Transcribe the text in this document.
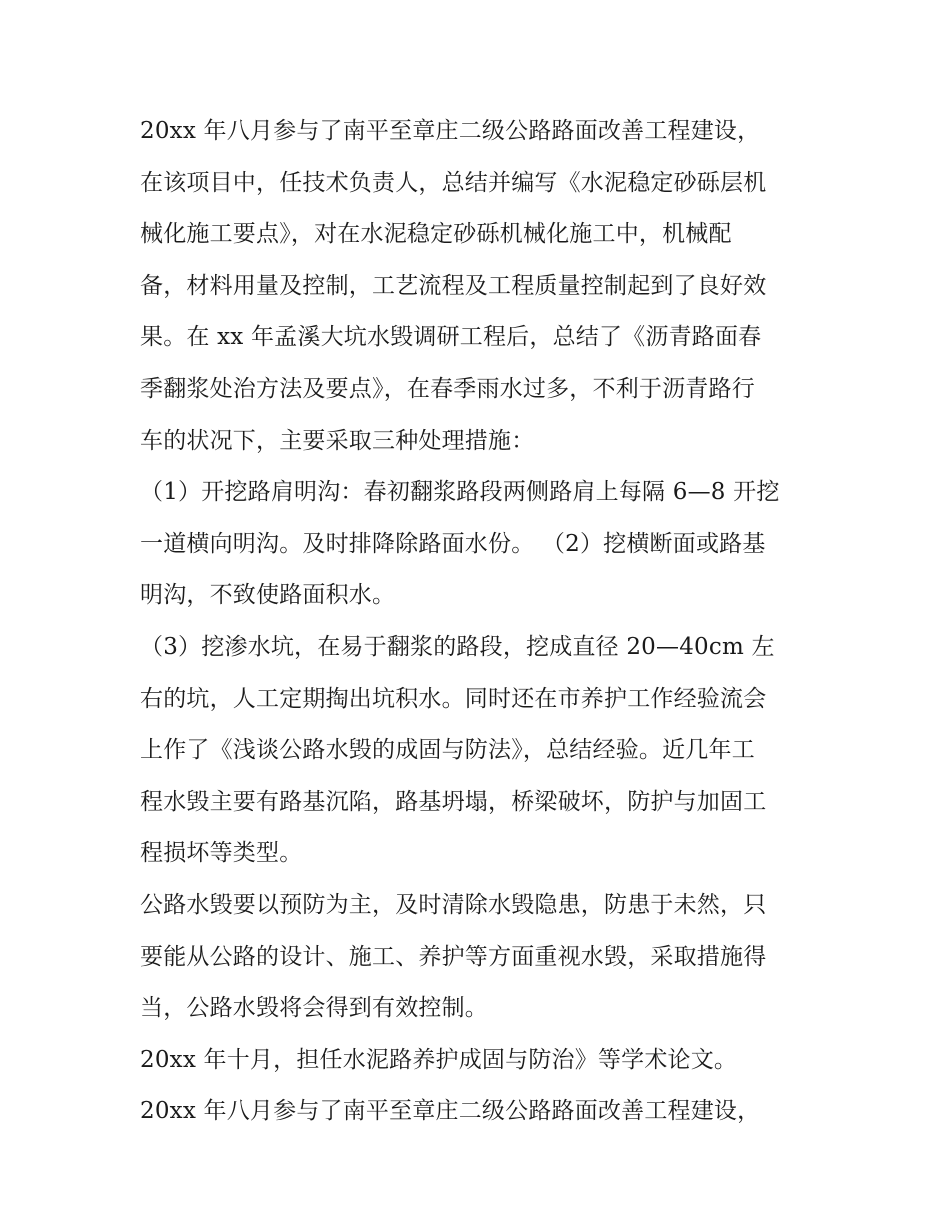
20xx 年八月参与了南平至章庄二级公路路面改善工程建设，
在该项目中，任技术负责人，总结并编写《水泥稳定砂砾层机
械化施工要点》，对在水泥稳定砂砾机械化施工中，机械配
备，材料用量及控制，工艺流程及工程质量控制起到了良好效
果。在 xx 年孟溪大坑水毁调研工程后，总结了《沥青路面春
季翻浆处治方法及要点》，在春季雨水过多，不利于沥青路行
车的状况下，主要采取三种处理措施：
（1）开挖路肩明沟：春初翻浆路段两侧路肩上每隔 6—8 开挖
一道横向明沟。及时排降除路面水份。 （2）挖横断面或路基
明沟，不致使路面积水。
（3）挖渗水坑，在易于翻浆的路段，挖成直径 20—40cm 左
右的坑，人工定期掏出坑积水。同时还在市养护工作经验流会
上作了《浅谈公路水毁的成固与防法》，总结经验。近几年工
程水毁主要有路基沉陷，路基坍塌，桥梁破坏，防护与加固工
程损坏等类型。
公路水毁要以预防为主，及时清除水毁隐患，防患于未然，只
要能从公路的设计、施工、养护等方面重视水毁，采取措施得
当，公路水毁将会得到有效控制。
20xx 年十月，担任水泥路养护成固与防治》等学术论文。
20xx 年八月参与了南平至章庄二级公路路面改善工程建设，
